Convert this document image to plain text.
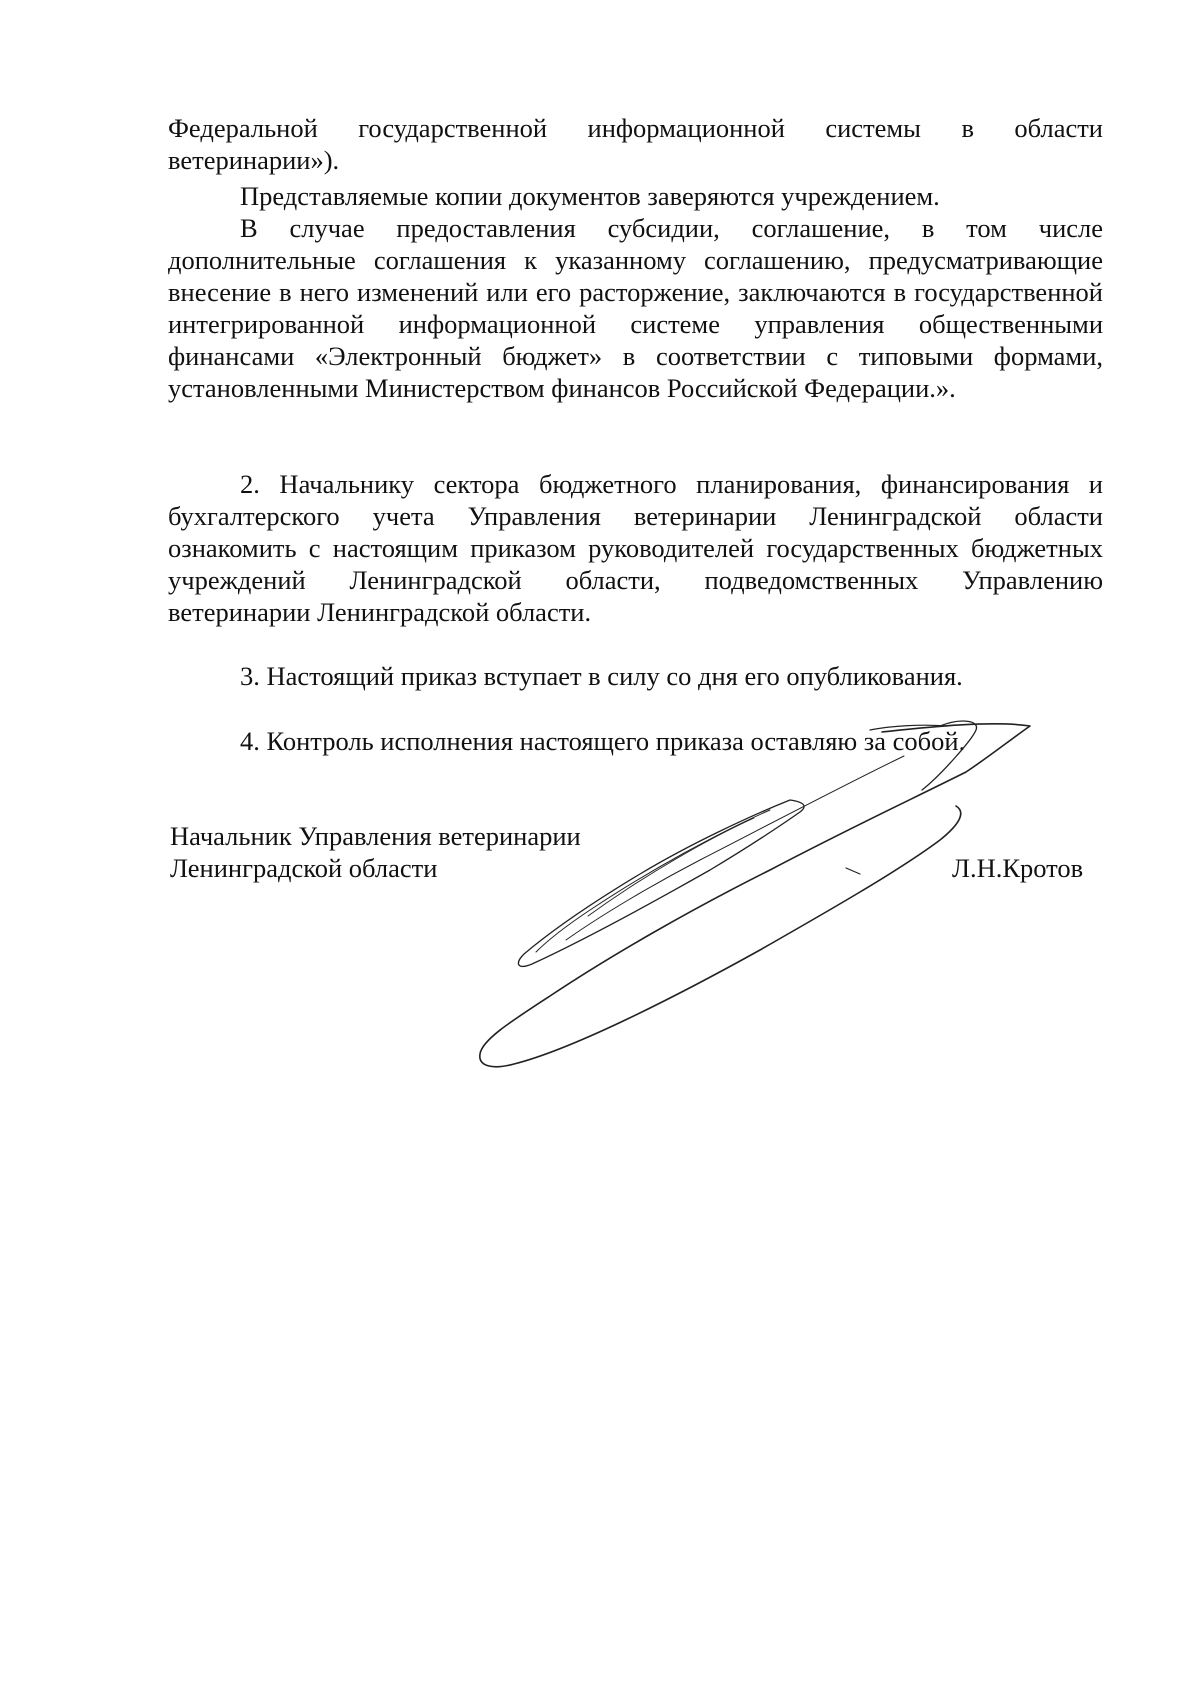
Федеральной государственной информационной системы в области ветеринарии»).

Представляемые копии документов заверяются учреждением.

В случае предоставления субсидии, соглашение, в том числе дополнительные соглашения к указанному соглашению, предусматривающие внесение в него изменений или его расторжение, заключаются в государственной интегрированной информационной системе управления общественными финансами «Электронный бюджет» в соответствии с типовыми формами, установленными Министерством финансов Российской Федерации.».

2. Начальнику сектора бюджетного планирования, финансирования и бухгалтерского учета Управления ветеринарии Ленинградской области ознакомить с настоящим приказом руководителей государственных бюджетных учреждений Ленинградской области, подведомственных Управлению ветеринарии Ленинградской области.

3. Настоящий приказ вступает в силу со дня его опубликования.

4. Контроль исполнения настоящего приказа оставляю за собой.

Начальник Управления ветеринарии

Ленинградской области	Л.Н.Кротов
